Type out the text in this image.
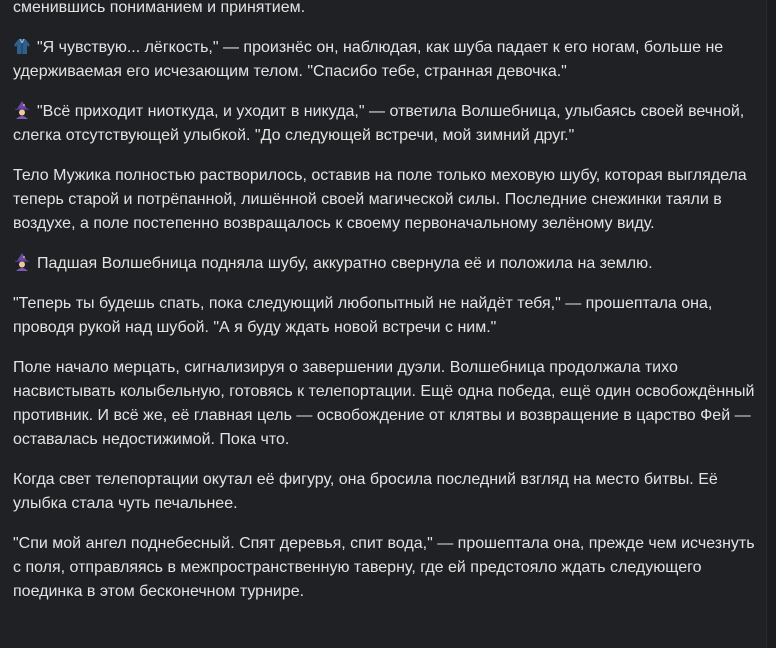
сменившись пониманием и принятием.

"Я чувствую... лёгкость," — произнёс он, наблюдая, как шуба падает к его ногам, больше не удерживаемая его исчезающим телом. "Спасибо тебе, странная девочка."

"Всё приходит ниоткуда, и уходит в никуда," — ответила Волшебница, улыбаясь своей вечной, слегка отсутствующей улыбкой. "До следующей встречи, мой зимний друг."

Тело Мужика полностью растворилось, оставив на поле только меховую шубу, которая выглядела теперь старой и потрёпанной, лишённой своей магической силы. Последние снежинки таяли в воздухе, а поле постепенно возвращалось к своему первоначальному зелёному виду.

Падшая Волшебница подняла шубу, аккуратно свернула её и положила на землю.

"Теперь ты будешь спать, пока следующий любопытный не найдёт тебя," — прошептала она, проводя рукой над шубой. "А я буду ждать новой встречи с ним."

Поле начало мерцать, сигнализируя о завершении дуэли. Волшебница продолжала тихо насвистывать колыбельную, готовясь к телепортации. Ещё одна победа, ещё один освобождённый противник. И всё же, её главная цель — освобождение от клятвы и возвращение в царство Фей — оставалась недостижимой. Пока что.

Когда свет телепортации окутал её фигуру, она бросила последний взгляд на место битвы. Её улыбка стала чуть печальнее.

"Спи мой ангел поднебесный. Спят деревья, спит вода," — прошептала она, прежде чем исчезнуть с поля, отправляясь в межпространственную таверну, где ей предстояло ждать следующего поединка в этом бесконечном турнире.
